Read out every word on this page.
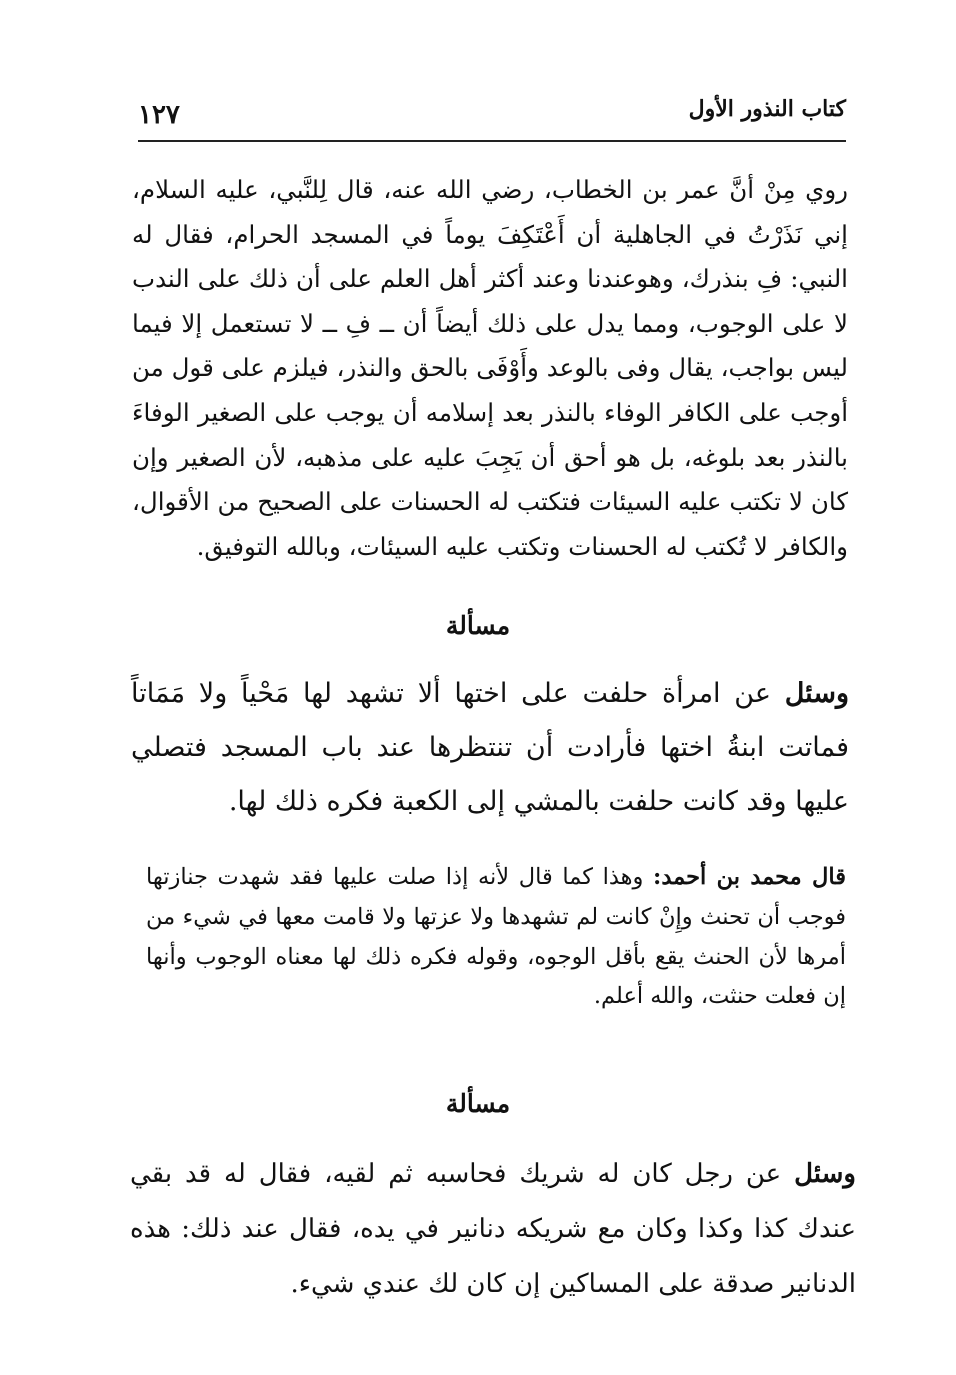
كتاب النذور الأول
١٢٧
روي مِنْ أنَّ عمر بن الخطاب، رضي الله عنه، قال لِلنَّبي، عليه السلام، إني نَذَرْتُ في الجاهلية أن أَعْتَكِفَ يوماً في المسجد الحرام، فقال له النبي: فِ بنذرك، وهوعندنا وعند أكثر أهل العلم على أن ذلك على الندب لا على الوجوب، ومما يدل على ذلك أيضاً أن ــ فِ ــ لا تستعمل إلا فيما ليس بواجب، يقال وفى بالوعد وأَوْفَى بالحق والنذر، فيلزم على قول من أوجب على الكافر الوفاء بالنذر بعد إسلامه أن يوجب على الصغير الوفاءَ بالنذر بعد بلوغه، بل هو أحق أن يَجِبَ عليه على مذهبه، لأن الصغير وإن كان لا تكتب عليه السيئات فتكتب له الحسنات على الصحيح من الأقوال، والكافر لا تُكتب له الحسنات وتكتب عليه السيئات، وبالله التوفيق.
مسألة
وسئل عن امرأة حلفت على اختها ألا تشهد لها مَحْياً ولا مَمَاتاً فماتت ابنةُ اختها فأرادت أن تنتظرها عند باب المسجد فتصلي عليها وقد كانت حلفت بالمشي إلى الكعبة فكره ذلك لها.
قال محمد بن أحمد: وهذا كما قال لأنه إذا صلت عليها فقد شهدت جنازتها فوجب أن تحنث وإِنْ كانت لم تشهدها ولا عزتها ولا قامت معها في شيء من أمرها لأن الحنث يقع بأقل الوجوه، وقوله فكره ذلك لها معناه الوجوب وأنها إن فعلت حنثت، والله أعلم.
مسألة
وسئل عن رجل كان له شريك فحاسبه ثم لقيه، فقال له قد بقي عندك كذا وكذا وكان مع شريكه دنانير في يده، فقال عند ذلك: هذه الدنانير صدقة على المساكين إن كان لك عندي شيء.
